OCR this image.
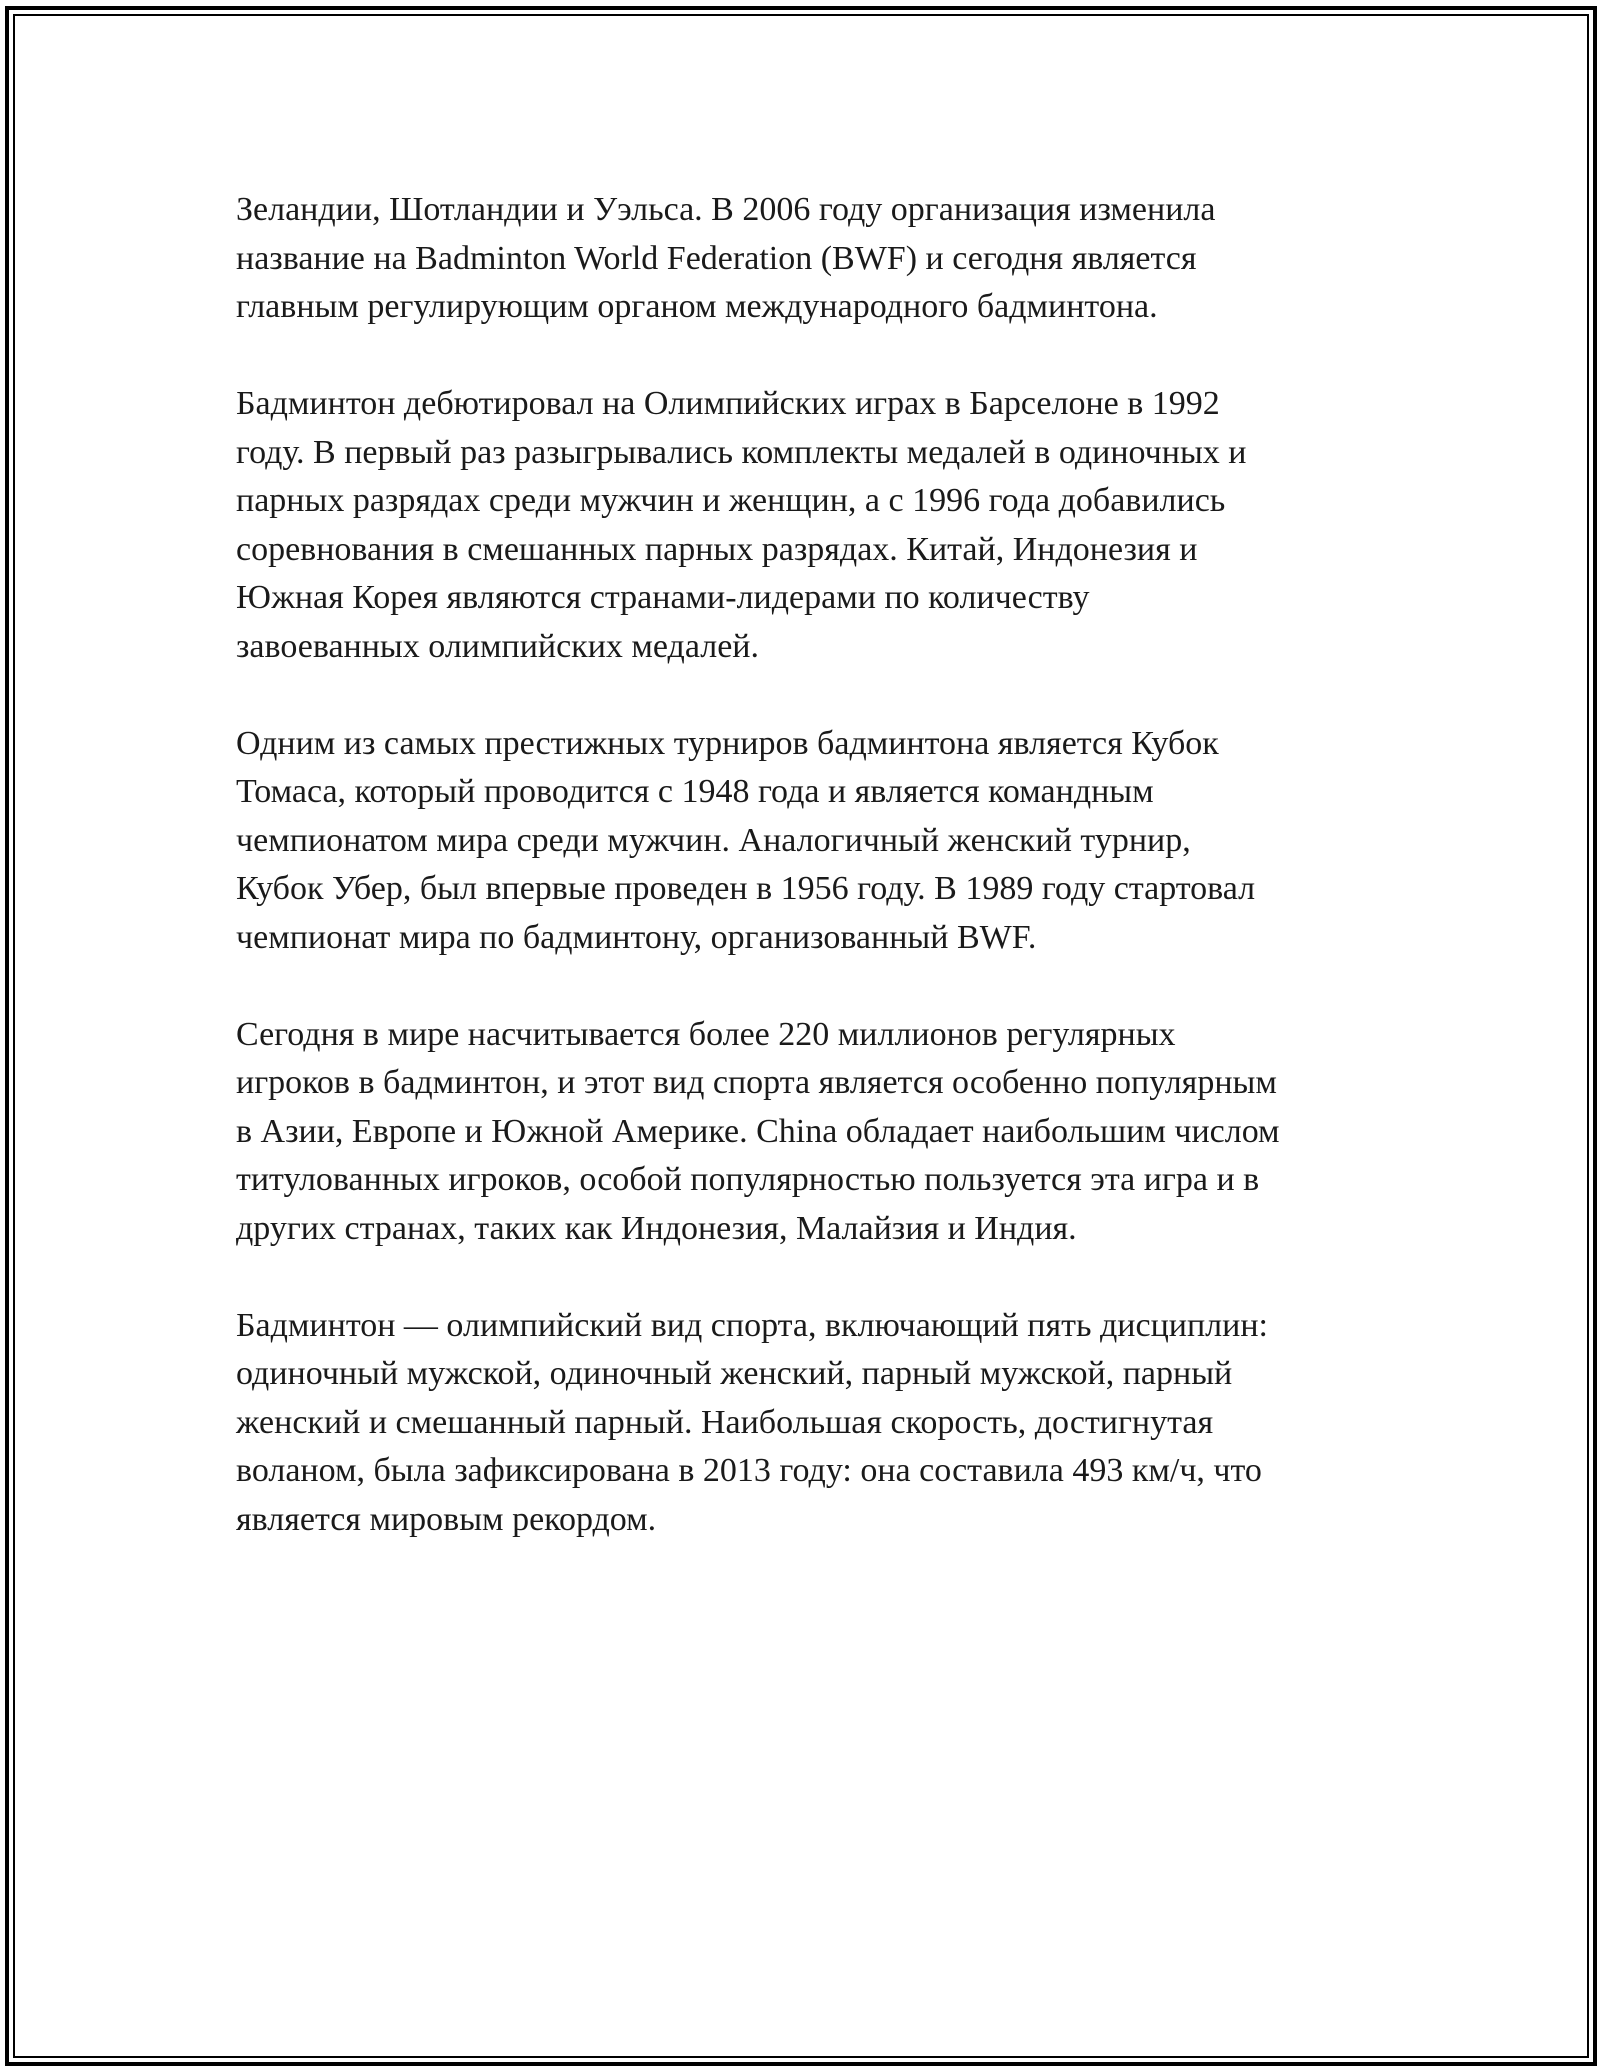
Зеландии, Шотландии и Уэльса. В 2006 году организация изменила
название на Badminton World Federation (BWF) и сегодня является
главным регулирующим органом международного бадминтона.

Бадминтон дебютировал на Олимпийских играх в Барселоне в 1992
году. В первый раз разыгрывались комплекты медалей в одиночных и
парных разрядах среди мужчин и женщин, а с 1996 года добавились
соревнования в смешанных парных разрядах. Китай, Индонезия и
Южная Корея являются странами-лидерами по количеству
завоеванных олимпийских медалей.

Одним из самых престижных турниров бадминтона является Кубок
Томаса, который проводится с 1948 года и является командным
чемпионатом мира среди мужчин. Аналогичный женский турнир,
Кубок Убер, был впервые проведен в 1956 году. В 1989 году стартовал
чемпионат мира по бадминтону, организованный BWF.

Сегодня в мире насчитывается более 220 миллионов регулярных
игроков в бадминтон, и этот вид спорта является особенно популярным
в Азии, Европе и Южной Америке. China обладает наибольшим числом
титулованных игроков, особой популярностью пользуется эта игра и в
других странах, таких как Индонезия, Малайзия и Индия.

Бадминтон — олимпийский вид спорта, включающий пять дисциплин:
одиночный мужской, одиночный женский, парный мужской, парный
женский и смешанный парный. Наибольшая скорость, достигнутая
воланом, была зафиксирована в 2013 году: она составила 493 км/ч, что
является мировым рекордом.
